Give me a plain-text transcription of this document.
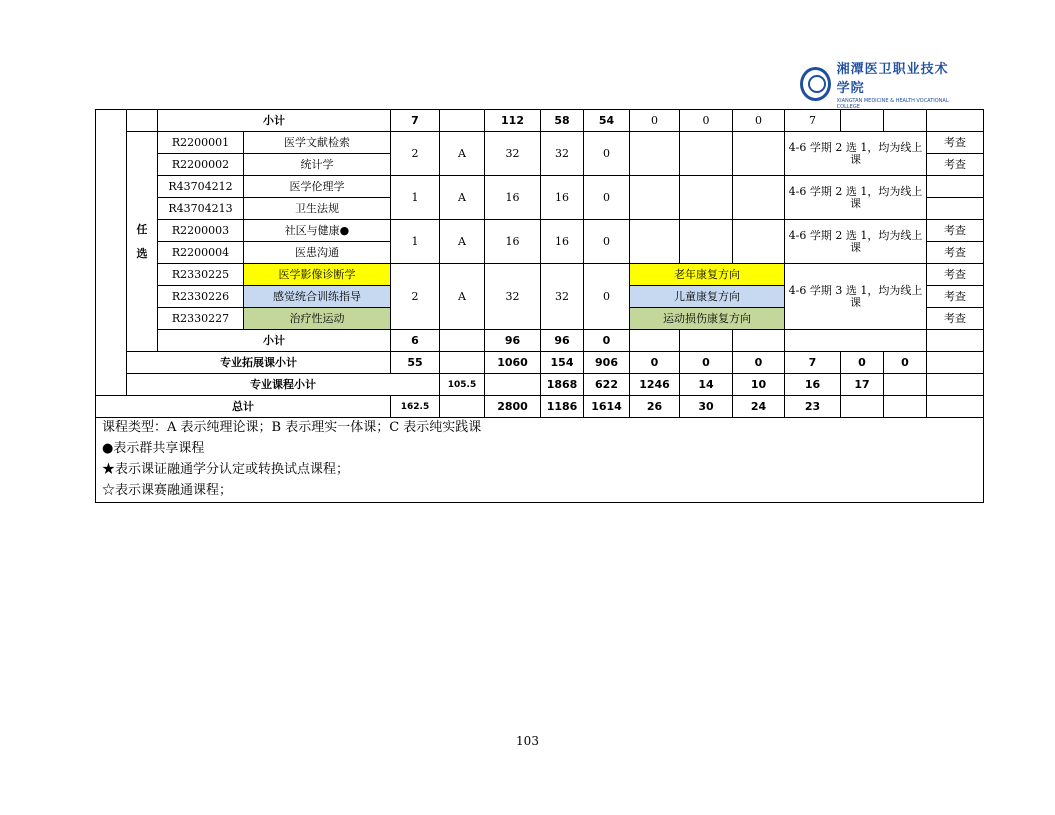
湘潭医卫职业技术学院
XIANGTAN MEDICINE & HEALTH VOCATIONAL COLLEGE
		小计		7		112	58	54	0	0	0	7				
	任

选	R2200001	医学文献检索	2	A	32	32	0				4-6 学期 2 选 1，均为线上课			考查	
		R2200002	统计学												考查	
		R43704212	医学伦理学	1	A	16	16	0				4-6 学期 2 选 1，均为线上课				
		R43704213	卫生法规													
		R2200003	社区与健康●	1	A	16	16	0				4-6 学期 2 选 1，均为线上课			考查	
		R2200004	医患沟通												考查	
		R2330225	医学影像诊断学	2	A	32	32	0	老年康复方向			4-6 学期 3 选 1，均为线上课			考查	
		R2330226	感觉统合训练指导						儿童康复方向						考查	
		R2330227	治疗性运动						运动损伤康复方向						考查	
		小计		6		96	96	0								
	专业拓展课小计			55		1060	154	906	0	0	0	7	0	0		
	专业课程小计				105.5		1868	622	1246	14	10	16	17			
总计				162.5		2800	1186	1614	26	30	24	23				

课程类型：A 表示纯理论课；B 表示理实一体课；C 表示纯实践课
●表示群共享课程
★表示课证融通学分认定或转换试点课程；
☆表示课赛融通课程；																
103
